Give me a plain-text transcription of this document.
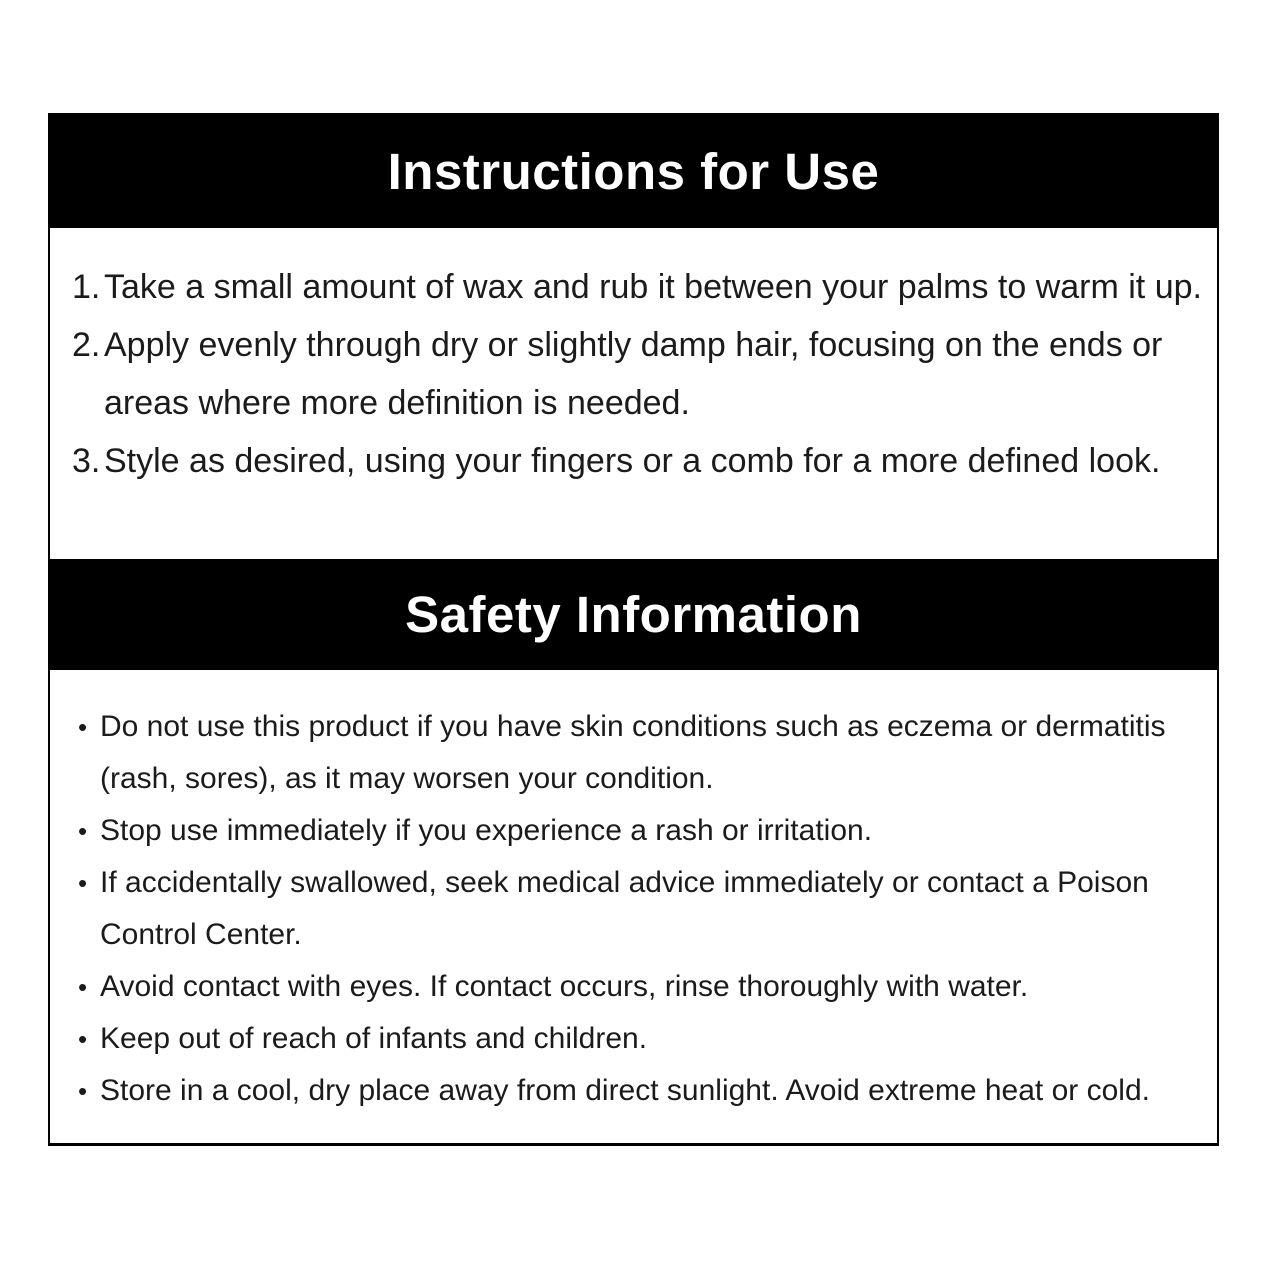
Instructions for Use
1. Take a small amount of wax and rub it between your palms to warm it up.
2. Apply evenly through dry or slightly damp hair, focusing on the ends or areas where more definition is needed.
3. Style as desired, using your fingers or a comb for a more defined look.
Safety Information
• Do not use this product if you have skin conditions such as eczema or dermatitis (rash, sores), as it may worsen your condition.
• Stop use immediately if you experience a rash or irritation.
• If accidentally swallowed, seek medical advice immediately or contact a Poison Control Center.
• Avoid contact with eyes. If contact occurs, rinse thoroughly with water.
• Keep out of reach of infants and children.
• Store in a cool, dry place away from direct sunlight. Avoid extreme heat or cold.
